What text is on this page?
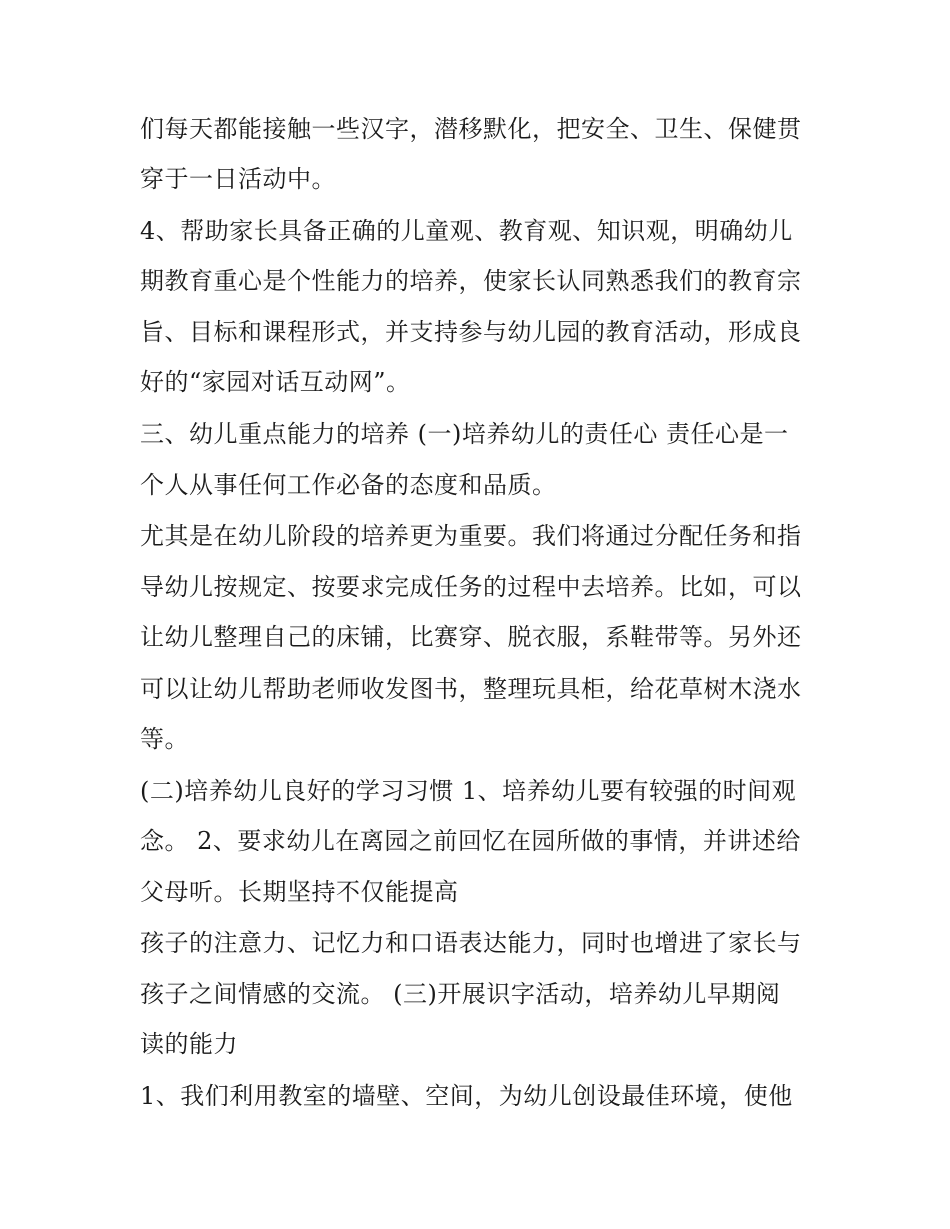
们每天都能接触一些汉字，潜移默化，把安全、卫生、保健贯
穿于一日活动中。
4、帮助家长具备正确的儿童观、教育观、知识观，明确幼儿
期教育重心是个性能力的培养，使家长认同熟悉我们的教育宗
旨、目标和课程形式，并支持参与幼儿园的教育活动，形成良
好的“家园对话互动网”。
三、幼儿重点能力的培养 (一)培养幼儿的责任心 责任心是一
个人从事任何工作必备的态度和品质。
尤其是在幼儿阶段的培养更为重要。我们将通过分配任务和指
导幼儿按规定、按要求完成任务的过程中去培养。比如，可以
让幼儿整理自己的床铺，比赛穿、脱衣服，系鞋带等。另外还
可以让幼儿帮助老师收发图书，整理玩具柜，给花草树木浇水
等。
(二)培养幼儿良好的学习习惯 1、培养幼儿要有较强的时间观
念。 2、要求幼儿在离园之前回忆在园所做的事情，并讲述给
父母听。长期坚持不仅能提高
孩子的注意力、记忆力和口语表达能力，同时也增进了家长与
孩子之间情感的交流。 (三)开展识字活动，培养幼儿早期阅
读的能力
1、我们利用教室的墙壁、空间，为幼儿创设最佳环境，使他
